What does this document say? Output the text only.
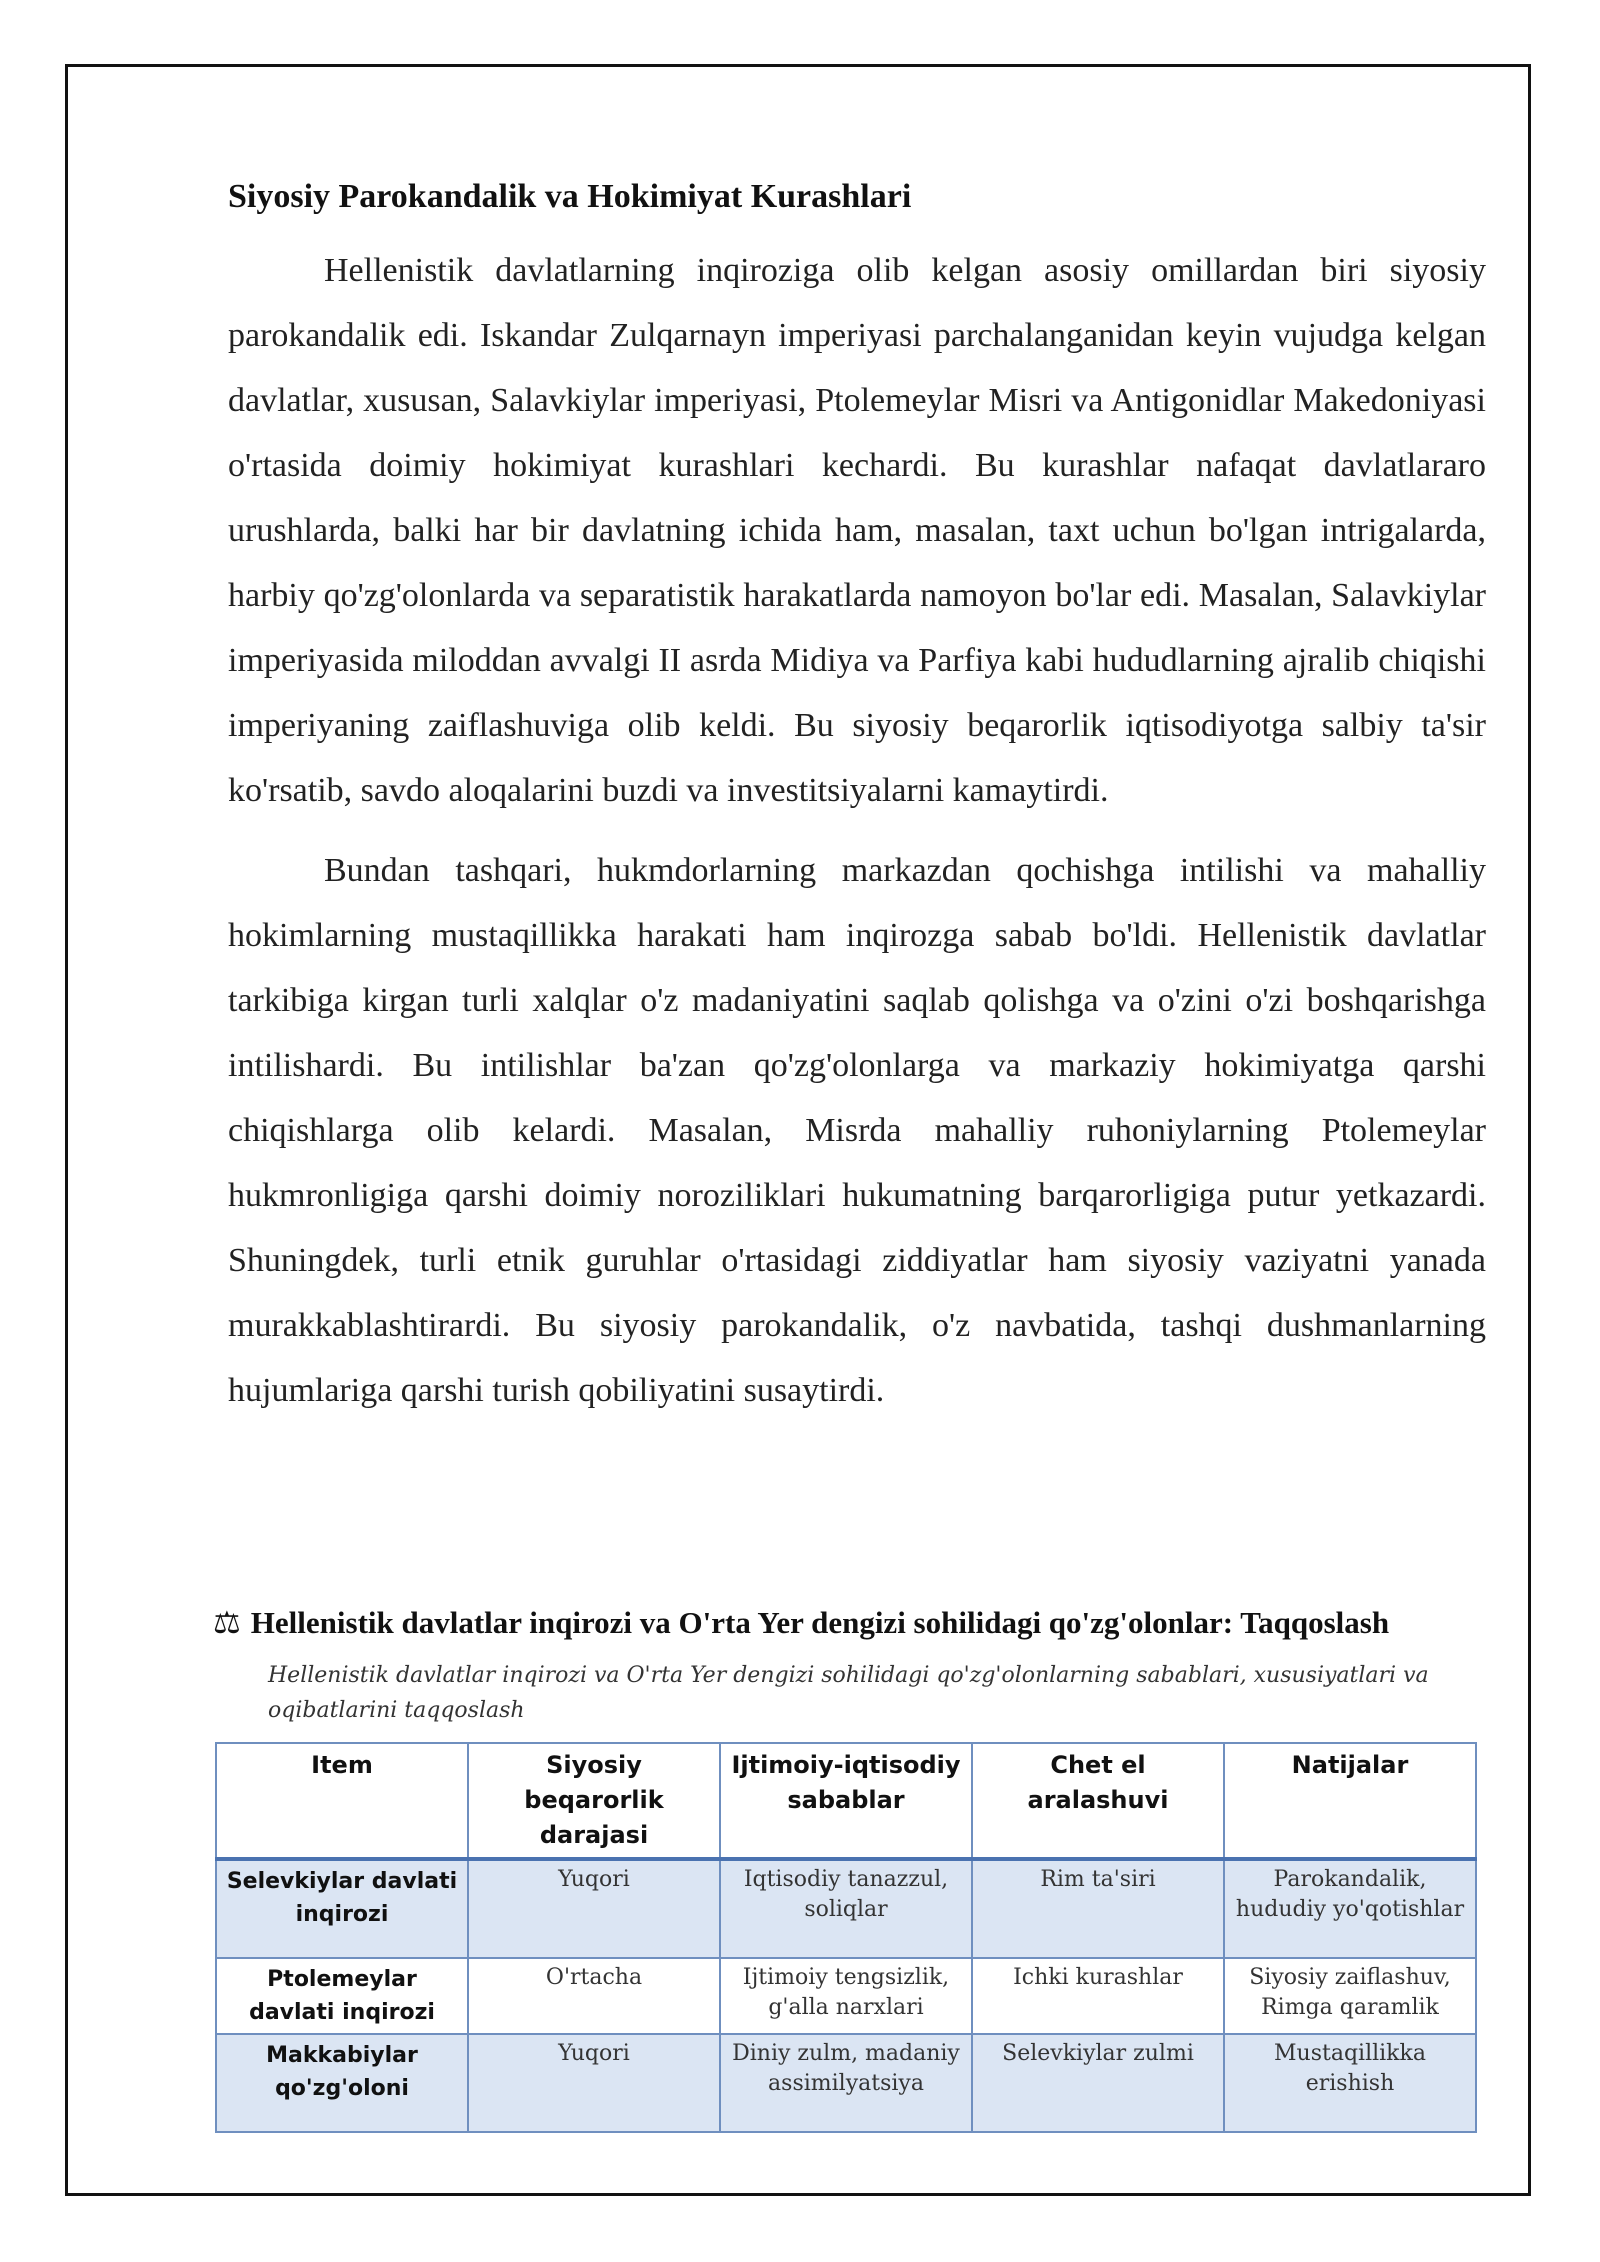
Siyosiy Parokandalik va Hokimiyat Kurashlari

Hellenistik davlatlarning inqiroziga olib kelgan asosiy omillardan biri siyosiy parokandalik edi. Iskandar Zulqarnayn imperiyasi parchalanganidan keyin vujudga kelgan davlatlar, xususan, Salavkiylar imperiyasi, Ptolemeylar Misri va Antigonidlar Makedoniyasi o'rtasida doimiy hokimiyat kurashlari kechardi. Bu kurashlar nafaqat davlatlararo urushlarda, balki har bir davlatning ichida ham, masalan, taxt uchun bo'lgan intrigalarda, harbiy qo'zg'olonlarda va separatistik harakatlarda namoyon bo'lar edi. Masalan, Salavkiylar imperiyasida miloddan avvalgi II asrda Midiya va Parfiya kabi hududlarning ajralib chiqishi imperiyaning zaiflashuviga olib keldi. Bu siyosiy beqarorlik iqtisodiyotga salbiy ta'sir ko'rsatib, savdo aloqalarini buzdi va investitsiyalarni kamaytirdi.

Bundan tashqari, hukmdorlarning markazdan qochishga intilishi va mahalliy hokimlarning mustaqillikka harakati ham inqirozga sabab bo'ldi. Hellenistik davlatlar tarkibiga kirgan turli xalqlar o'z madaniyatini saqlab qolishga va o'zini o'zi boshqarishga intilishardi. Bu intilishlar ba'zan qo'zg'olonlarga va markaziy hokimiyatga qarshi chiqishlarga olib kelardi. Masalan, Misrda mahalliy ruhoniylarning Ptolemeylar hukmronligiga qarshi doimiy noroziliklari hukumatning barqarorligiga putur yetkazardi. Shuningdek, turli etnik guruhlar o'rtasidagi ziddiyatlar ham siyosiy vaziyatni yanada murakkablashtirardi. Bu siyosiy parokandalik, o'z navbatida, tashqi dushmanlarning hujumlariga qarshi turish qobiliyatini susaytirdi.

⚖ Hellenistik davlatlar inqirozi va O'rta Yer dengizi sohilidagi qo'zg'olonlar: Taqqoslash
Hellenistik davlatlar inqirozi va O'rta Yer dengizi sohilidagi qo'zg'olonlarning sabablari, xususiyatlari va oqibatlarini taqqoslash
Item	Siyosiy beqarorlik darajasi	Ijtimoiy-iqtisodiy sabablar	Chet el aralashuvi	Natijalar
Selevkiylar davlati inqirozi	Yuqori	Iqtisodiy tanazzul, soliqlar	Rim ta'siri	Parokandalik, hududiy yo'qotishlar
Ptolemeylar davlati inqirozi	O'rtacha	Ijtimoiy tengsizlik, g'alla narxlari	Ichki kurashlar	Siyosiy zaiflashuv, Rimga qaramlik
Makkabiylar qo'zg'oloni	Yuqori	Diniy zulm, madaniy assimilyatsiya	Selevkiylar zulmi	Mustaqillikka erishish
